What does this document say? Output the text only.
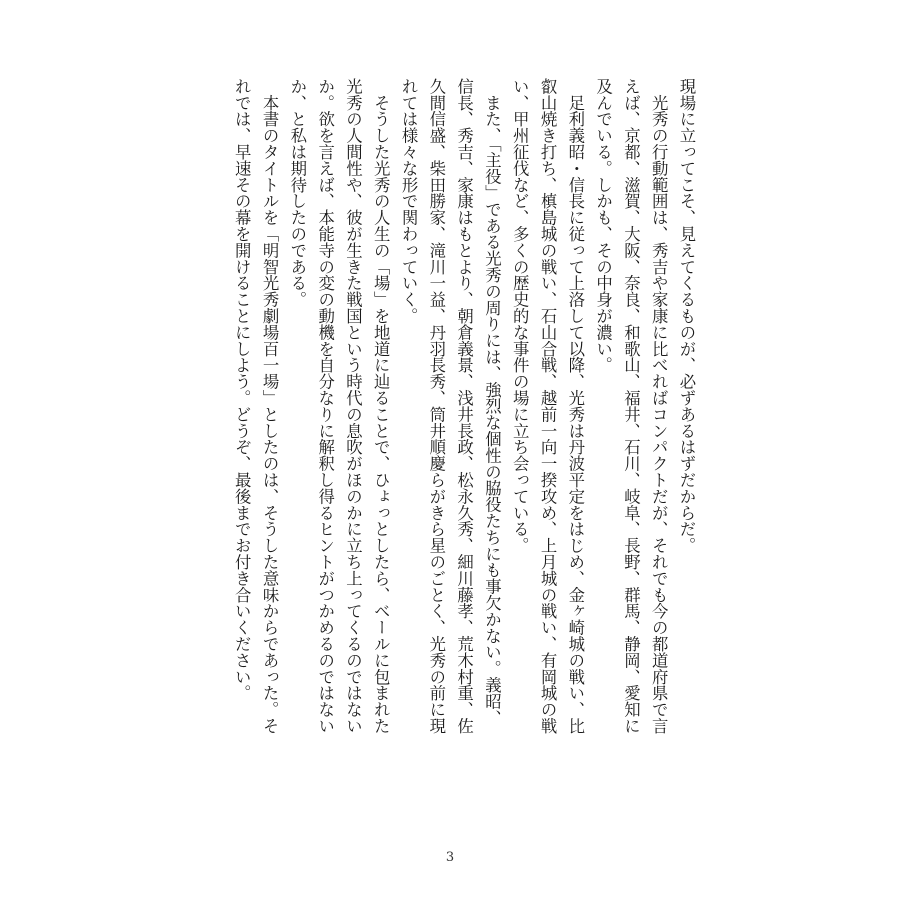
現場に立ってこそ、見えてくるものが、必ずあるはずだからだ。

　光秀の行動範囲は、秀吉や家康に比べればコンパクトだが、それでも今の都道府県で言

えば、京都、滋賀、大阪、奈良、和歌山、福井、石川、岐阜、長野、群馬、静岡、愛知に

及んでいる。しかも、その中身が濃い。

　足利義昭・信長に従って上洛して以降、光秀は丹波平定をはじめ、金ヶ崎城の戦い、比

叡山焼き打ち、槙島城の戦い、石山合戦、越前一向一揆攻め、上月城の戦い、有岡城の戦

い、甲州征伐など、多くの歴史的な事件の場に立ち会っている。

　また、「主役」である光秀の周りには、強烈な個性の脇役たちにも事欠かない。義昭、

信長、秀吉、家康はもとより、朝倉義景、浅井長政、松永久秀、細川藤孝、荒木村重、佐

久間信盛、柴田勝家、滝川一益、丹羽長秀、筒井順慶らがきら星のごとく、光秀の前に現

れては様々な形で関わっていく。

　そうした光秀の人生の「場」を地道に辿ることで、ひょっとしたら、ベールに包まれた

光秀の人間性や、彼が生きた戦国という時代の息吹がほのかに立ち上ってくるのではない

か。欲を言えば、本能寺の変の動機を自分なりに解釈し得るヒントがつかめるのではない

か、と私は期待したのである。

　本書のタイトルを「明智光秀劇場百一場」としたのは、そうした意味からであった。そ

れでは、早速その幕を開けることにしよう。どうぞ、最後までお付き合いください。

3
